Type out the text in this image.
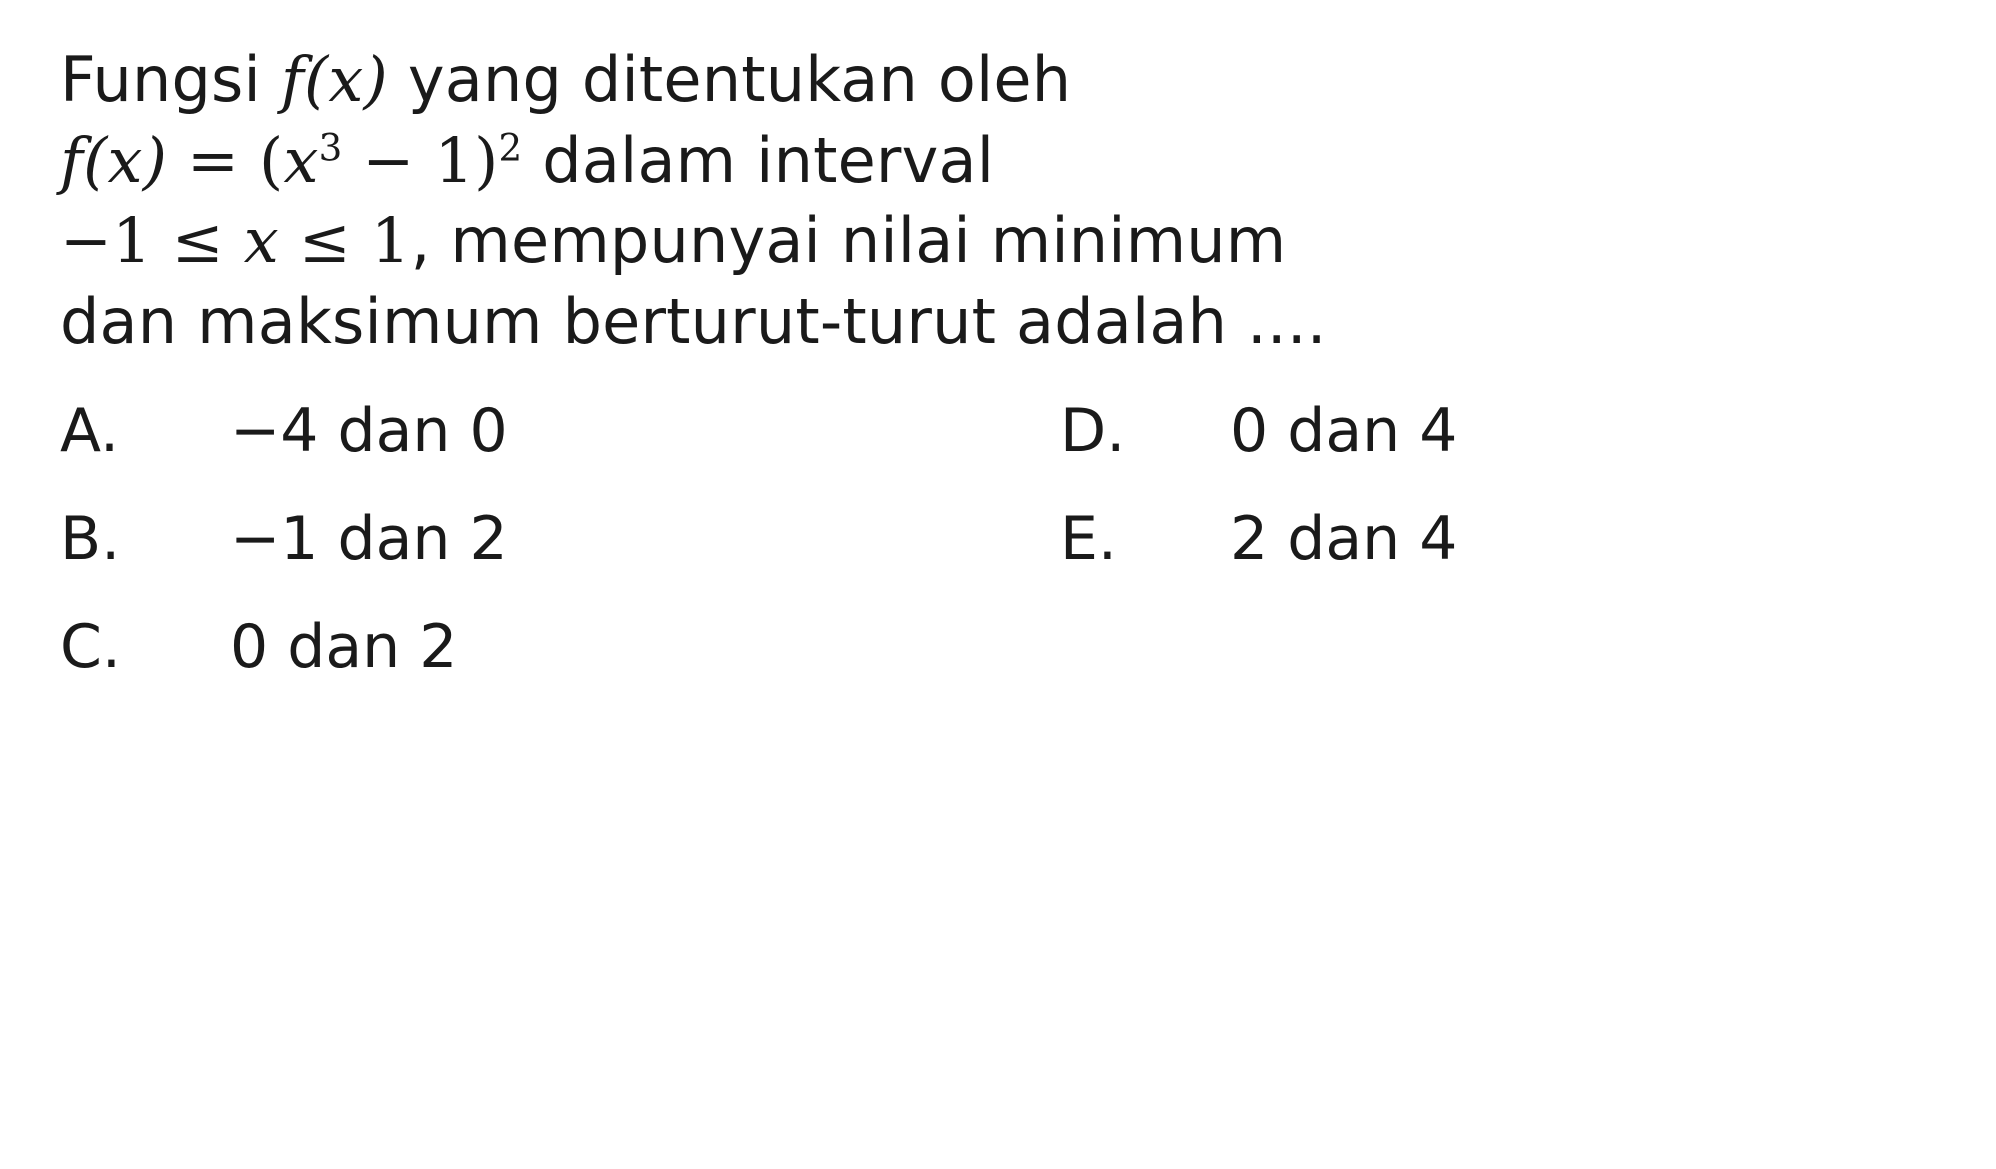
Fungsi f(x) yang ditentukan oleh
$f(x) = (x^3 - 1)^2$ dalam interval
−1 ≤ x ≤ 1, mempunyai nilai minimum
dan maksimum berturut-turut adalah ....
A.	−4 dan 0	D.	0 dan 4
B.	−1 dan 2	E.	2 dan 4
C.	0 dan 2
